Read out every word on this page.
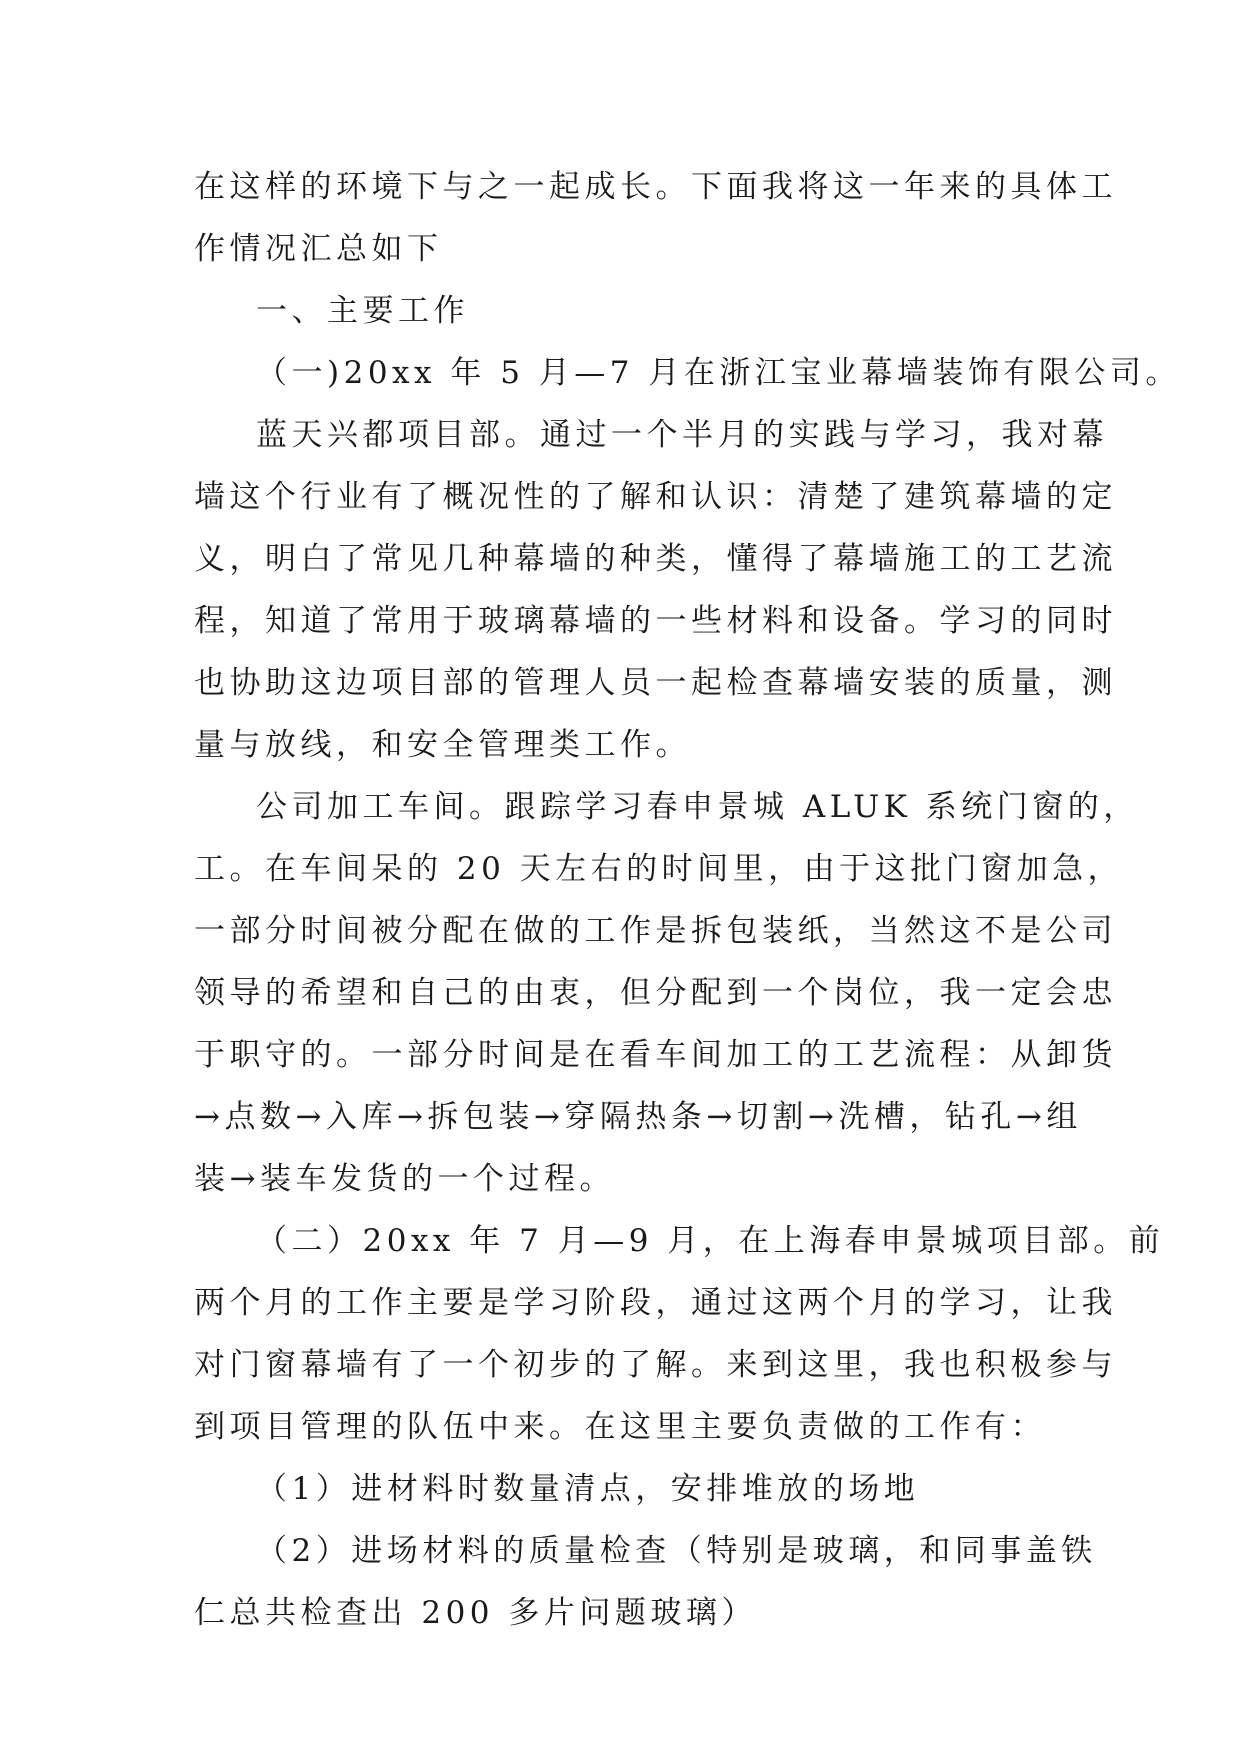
在这样的环境下与之一起成长。下面我将这一年来的具体工
作情况汇总如下
一、主要工作
（一)20xx 年 5 月—7 月在浙江宝业幕墙装饰有限公司。
蓝天兴都项目部。通过一个半月的实践与学习，我对幕
墙这个行业有了概况性的了解和认识：清楚了建筑幕墙的定
义，明白了常见几种幕墙的种类，懂得了幕墙施工的工艺流
程，知道了常用于玻璃幕墙的一些材料和设备。学习的同时
也协助这边项目部的管理人员一起检查幕墙安装的质量，测
量与放线，和安全管理类工作。
公司加工车间。跟踪学习春申景城 ALUK 系统门窗的，
工。在车间呆的 20 天左右的时间里，由于这批门窗加急，
一部分时间被分配在做的工作是拆包装纸，当然这不是公司
领导的希望和自己的由衷，但分配到一个岗位，我一定会忠
于职守的。一部分时间是在看车间加工的工艺流程：从卸货
→点数→入库→拆包装→穿隔热条→切割→洗槽，钻孔→组
装→装车发货的一个过程。
（二）20xx 年 7 月—9 月，在上海春申景城项目部。前
两个月的工作主要是学习阶段，通过这两个月的学习，让我
对门窗幕墙有了一个初步的了解。来到这里，我也积极参与
到项目管理的队伍中来。在这里主要负责做的工作有：
（1）进材料时数量清点，安排堆放的场地
（2）进场材料的质量检查（特别是玻璃，和同事盖铁
仁总共检查出 200 多片问题玻璃）
